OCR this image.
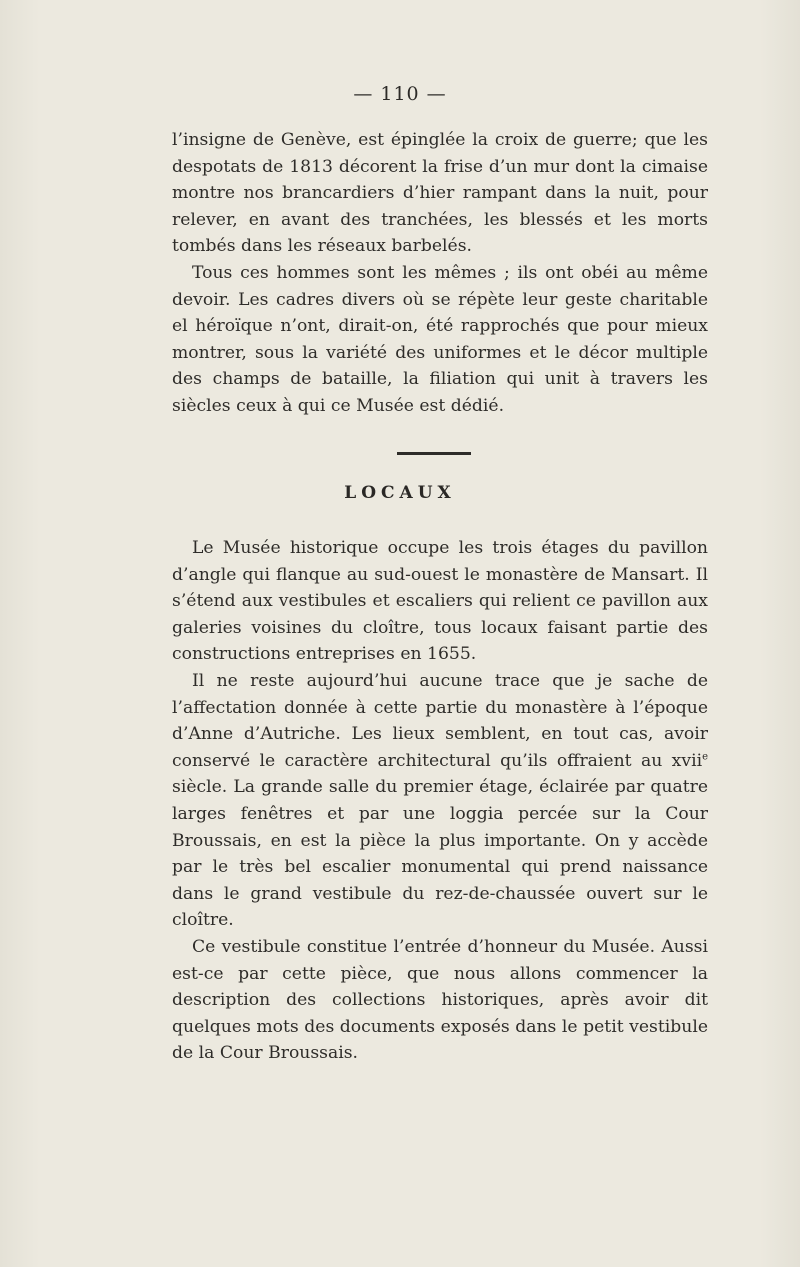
— 110 —

l’insigne de Genève, est épinglée la croix de guerre; que les despotats de 1813 décorent la frise d’un mur dont la cimaise montre nos brancardiers d’hier rampant dans la nuit, pour relever, en avant des tranchées, les blessés et les morts tombés dans les réseaux barbelés.

Tous ces hommes sont les mêmes ; ils ont obéi au même devoir. Les cadres divers où se répète leur geste charitable el héroïque n’ont, dirait-on, été rapprochés que pour mieux montrer, sous la variété des uniformes et le décor multiple des champs de bataille, la filiation qui unit à travers les siècles ceux à qui ce Musée est dédié.

LOCAUX

Le Musée historique occupe les trois étages du pavillon d’angle qui flanque au sud-ouest le monastère de Mansart. Il s’étend aux vestibules et escaliers qui relient ce pavillon aux galeries voisines du cloître, tous locaux faisant partie des constructions entreprises en 1655.

Il ne reste aujourd’hui aucune trace que je sache de l’affectation donnée à cette partie du monastère à l’époque d’Anne d’Autriche. Les lieux semblent, en tout cas, avoir conservé le caractère architectural qu’ils offraient au xvii$^e$ siècle. La grande salle du premier étage, éclairée par quatre larges fenêtres et par une loggia percée sur la Cour Broussais, en est la pièce la plus importante. On y accède par le très bel escalier monumental qui prend naissance dans le grand vestibule du rez-de-chaussée ouvert sur le cloître.

Ce vestibule constitue l’entrée d’honneur du Musée. Aussi est-ce par cette pièce, que nous allons commencer la description des collections historiques, après avoir dit quelques mots des documents exposés dans le petit vestibule de la Cour Broussais.
